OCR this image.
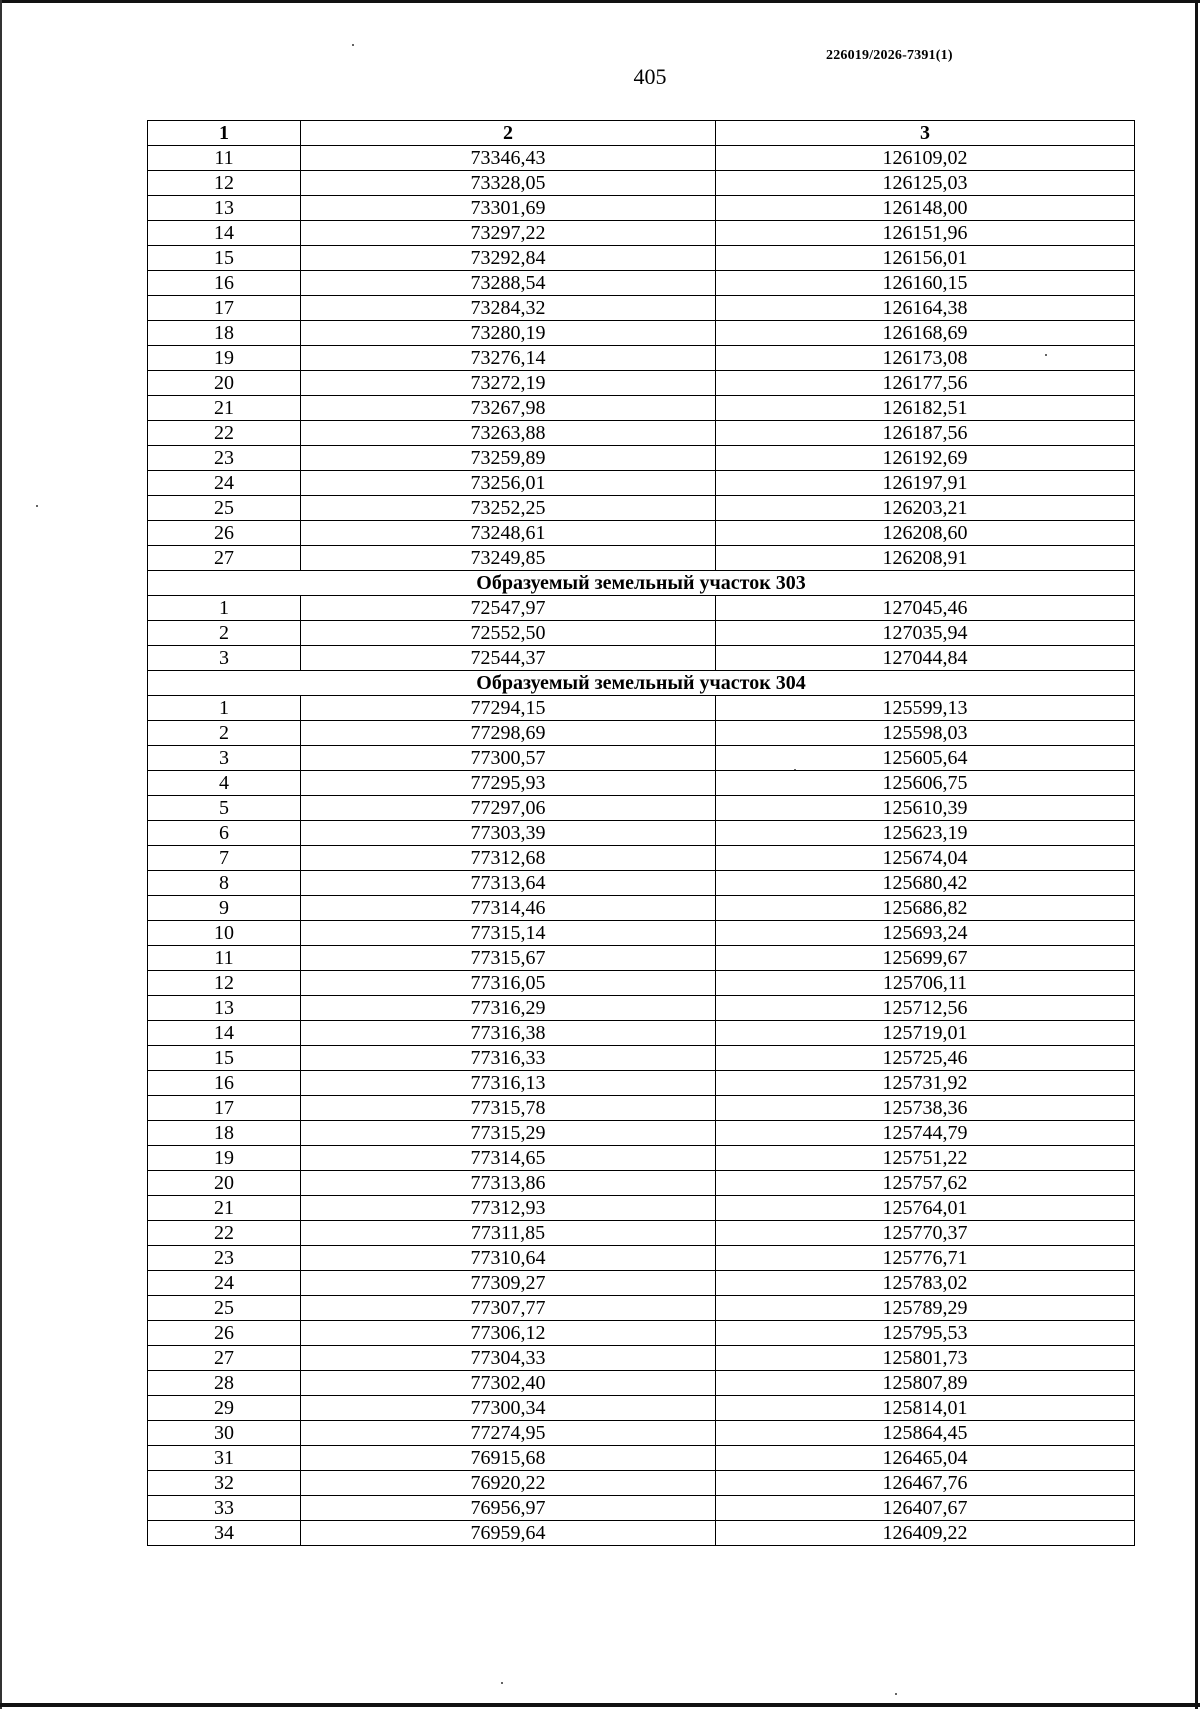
226019/2026-7391(1)
405
1	2	3
11	73346,43	126109,02
12	73328,05	126125,03
13	73301,69	126148,00
14	73297,22	126151,96
15	73292,84	126156,01
16	73288,54	126160,15
17	73284,32	126164,38
18	73280,19	126168,69
19	73276,14	126173,08
20	73272,19	126177,56
21	73267,98	126182,51
22	73263,88	126187,56
23	73259,89	126192,69
24	73256,01	126197,91
25	73252,25	126203,21
26	73248,61	126208,60
27	73249,85	126208,91
Образуемый земельный участок 303		
1	72547,97	127045,46
2	72552,50	127035,94
3	72544,37	127044,84
Образуемый земельный участок 304		
1	77294,15	125599,13
2	77298,69	125598,03
3	77300,57	125605,64
4	77295,93	125606,75
5	77297,06	125610,39
6	77303,39	125623,19
7	77312,68	125674,04
8	77313,64	125680,42
9	77314,46	125686,82
10	77315,14	125693,24
11	77315,67	125699,67
12	77316,05	125706,11
13	77316,29	125712,56
14	77316,38	125719,01
15	77316,33	125725,46
16	77316,13	125731,92
17	77315,78	125738,36
18	77315,29	125744,79
19	77314,65	125751,22
20	77313,86	125757,62
21	77312,93	125764,01
22	77311,85	125770,37
23	77310,64	125776,71
24	77309,27	125783,02
25	77307,77	125789,29
26	77306,12	125795,53
27	77304,33	125801,73
28	77302,40	125807,89
29	77300,34	125814,01
30	77274,95	125864,45
31	76915,68	126465,04
32	76920,22	126467,76
33	76956,97	126407,67
34	76959,64	126409,22
